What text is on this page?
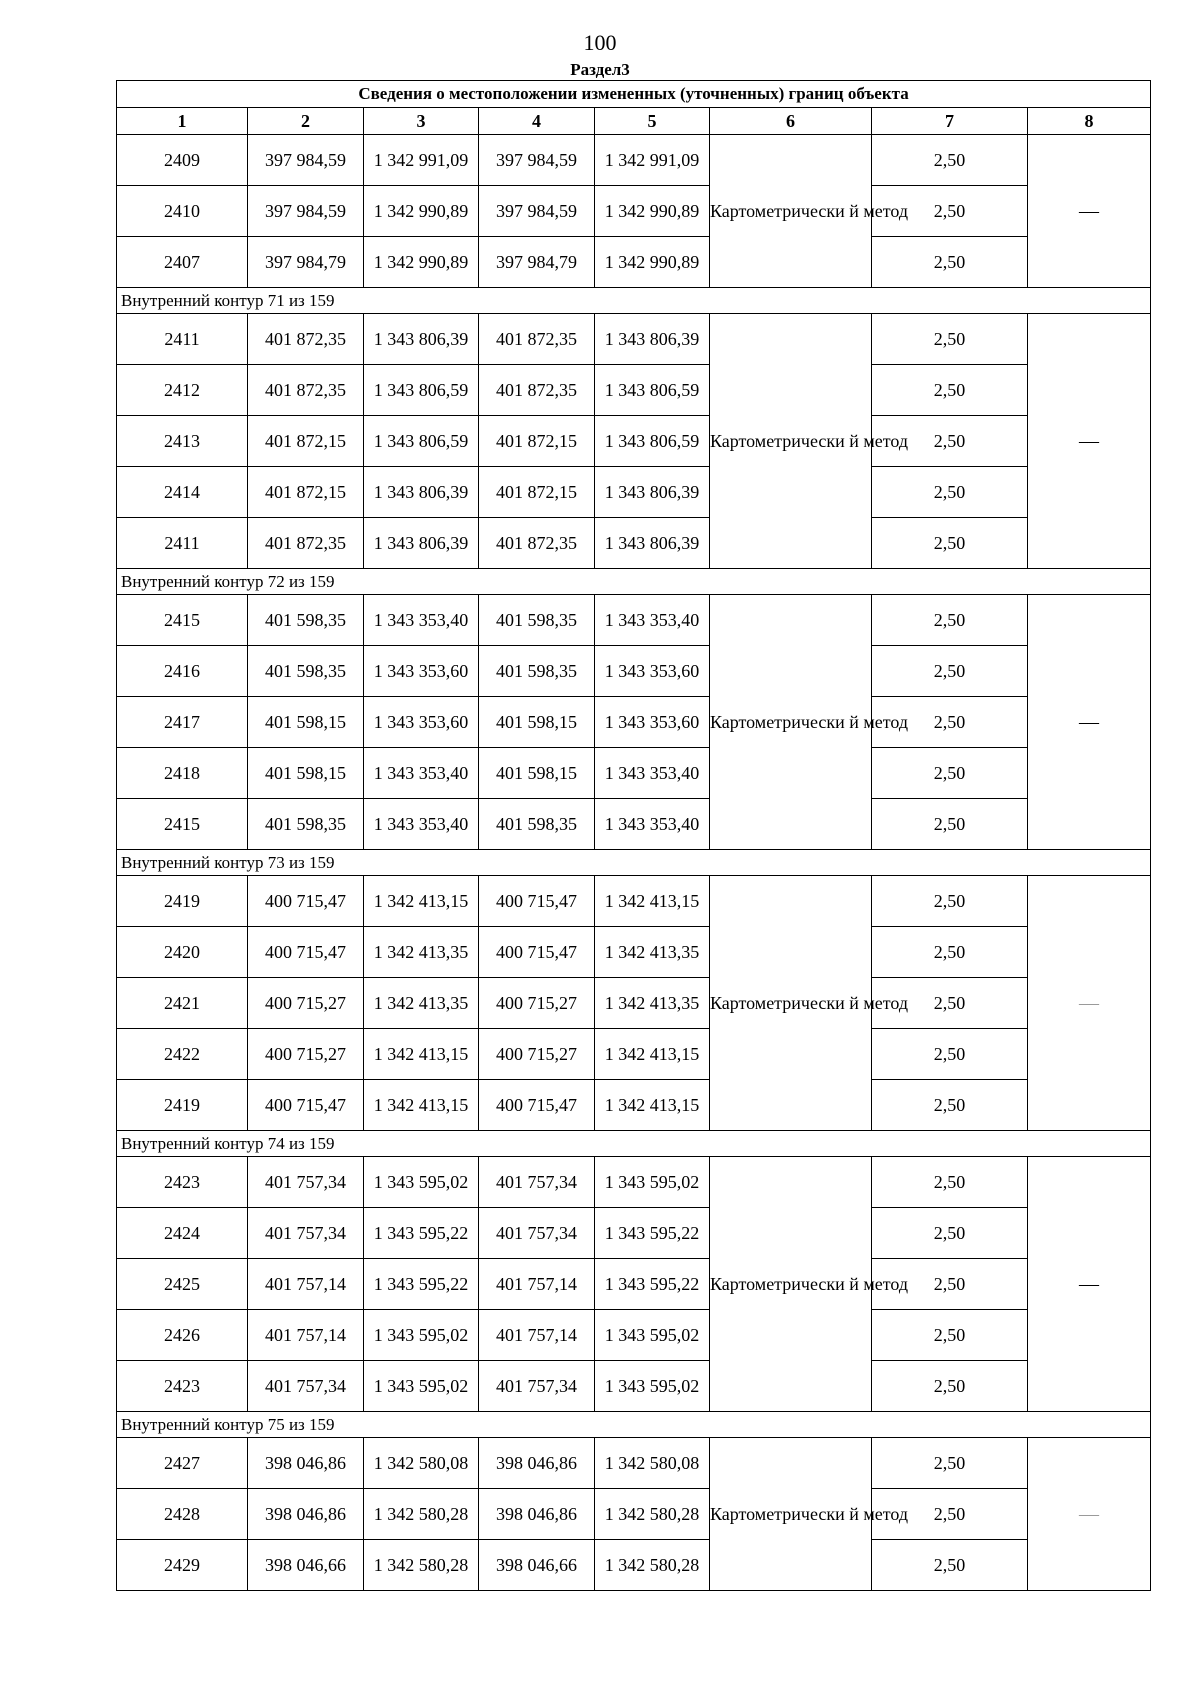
100
Раздел3
Сведения о местоположении измененных (уточненных) границ объекта							
1	2	3	4	5	6	7	8
2409	397 984,59	1 342 991,09	397 984,59	1 342 991,09	Картометрически й метод	2,50	—
2410	397 984,59	1 342 990,89	397 984,59	1 342 990,89		2,50	
2407	397 984,79	1 342 990,89	397 984,79	1 342 990,89		2,50	
Внутренний контур 71 из 159							
2411	401 872,35	1 343 806,39	401 872,35	1 343 806,39	Картометрически й метод	2,50	—
2412	401 872,35	1 343 806,59	401 872,35	1 343 806,59		2,50	
2413	401 872,15	1 343 806,59	401 872,15	1 343 806,59		2,50	
2414	401 872,15	1 343 806,39	401 872,15	1 343 806,39		2,50	
2411	401 872,35	1 343 806,39	401 872,35	1 343 806,39		2,50	
Внутренний контур 72 из 159							
2415	401 598,35	1 343 353,40	401 598,35	1 343 353,40	Картометрически й метод	2,50	—
2416	401 598,35	1 343 353,60	401 598,35	1 343 353,60		2,50	
2417	401 598,15	1 343 353,60	401 598,15	1 343 353,60		2,50	
2418	401 598,15	1 343 353,40	401 598,15	1 343 353,40		2,50	
2415	401 598,35	1 343 353,40	401 598,35	1 343 353,40		2,50	
Внутренний контур 73 из 159							
2419	400 715,47	1 342 413,15	400 715,47	1 342 413,15	Картометрически й метод	2,50	—
2420	400 715,47	1 342 413,35	400 715,47	1 342 413,35		2,50	
2421	400 715,27	1 342 413,35	400 715,27	1 342 413,35		2,50	
2422	400 715,27	1 342 413,15	400 715,27	1 342 413,15		2,50	
2419	400 715,47	1 342 413,15	400 715,47	1 342 413,15		2,50	
Внутренний контур 74 из 159							
2423	401 757,34	1 343 595,02	401 757,34	1 343 595,02	Картометрически й метод	2,50	—
2424	401 757,34	1 343 595,22	401 757,34	1 343 595,22		2,50	
2425	401 757,14	1 343 595,22	401 757,14	1 343 595,22		2,50	
2426	401 757,14	1 343 595,02	401 757,14	1 343 595,02		2,50	
2423	401 757,34	1 343 595,02	401 757,34	1 343 595,02		2,50	
Внутренний контур 75 из 159							
2427	398 046,86	1 342 580,08	398 046,86	1 342 580,08	Картометрически й метод	2,50	—
2428	398 046,86	1 342 580,28	398 046,86	1 342 580,28		2,50	
2429	398 046,66	1 342 580,28	398 046,66	1 342 580,28		2,50	
